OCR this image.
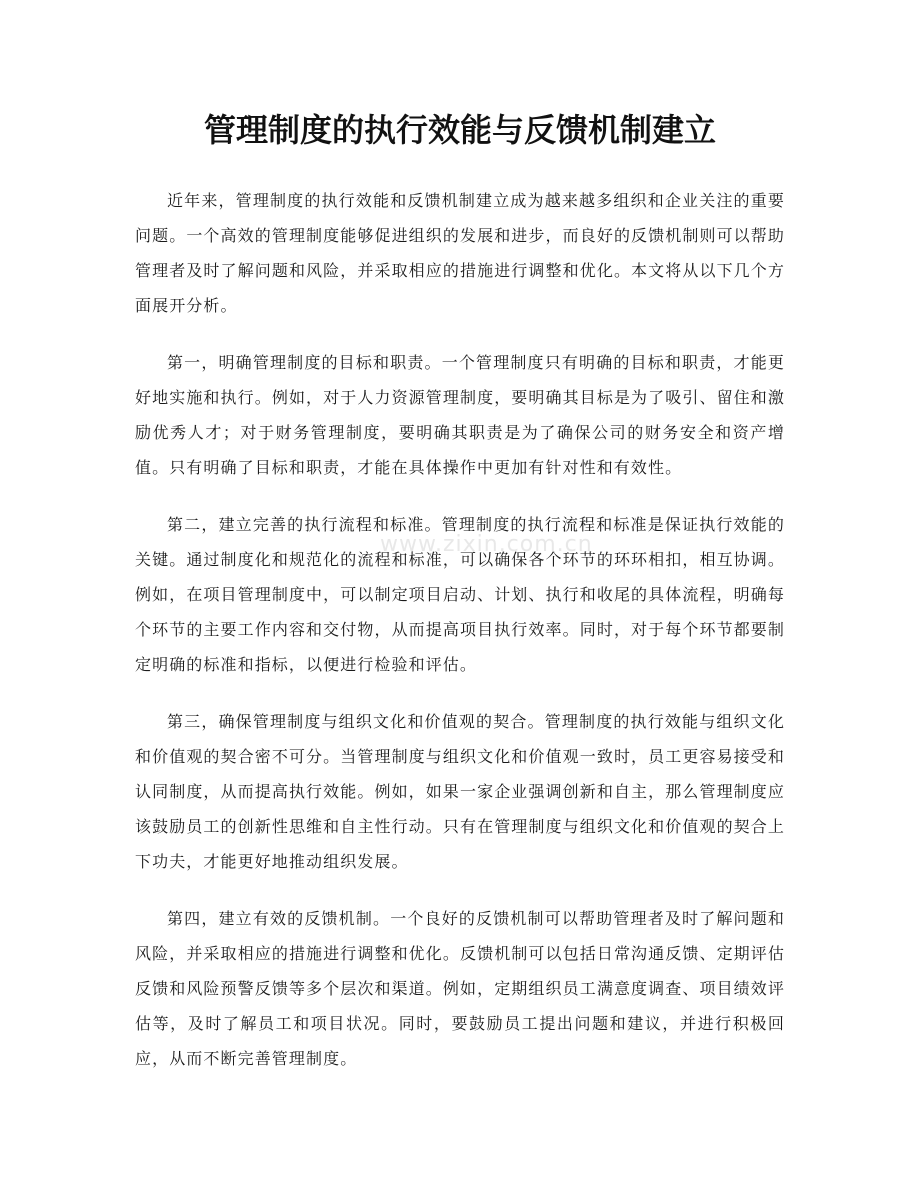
管理制度的执行效能与反馈机制建立

近年来，管理制度的执行效能和反馈机制建立成为越来越多组织和企业关注的重要问题。一个高效的管理制度能够促进组织的发展和进步，而良好的反馈机制则可以帮助管理者及时了解问题和风险，并采取相应的措施进行调整和优化。本文将从以下几个方面展开分析。

第一，明确管理制度的目标和职责。一个管理制度只有明确的目标和职责，才能更好地实施和执行。例如，对于人力资源管理制度，要明确其目标是为了吸引、留住和激励优秀人才；对于财务管理制度，要明确其职责是为了确保公司的财务安全和资产增值。只有明确了目标和职责，才能在具体操作中更加有针对性和有效性。

第二，建立完善的执行流程和标准。管理制度的执行流程和标准是保证执行效能的关键。通过制度化和规范化的流程和标准，可以确保各个环节的环环相扣，相互协调。例如，在项目管理制度中，可以制定项目启动、计划、执行和收尾的具体流程，明确每个环节的主要工作内容和交付物，从而提高项目执行效率。同时，对于每个环节都要制定明确的标准和指标，以便进行检验和评估。

第三，确保管理制度与组织文化和价值观的契合。管理制度的执行效能与组织文化和价值观的契合密不可分。当管理制度与组织文化和价值观一致时，员工更容易接受和认同制度，从而提高执行效能。例如，如果一家企业强调创新和自主，那么管理制度应该鼓励员工的创新性思维和自主性行动。只有在管理制度与组织文化和价值观的契合上下功夫，才能更好地推动组织发展。

第四，建立有效的反馈机制。一个良好的反馈机制可以帮助管理者及时了解问题和风险，并采取相应的措施进行调整和优化。反馈机制可以包括日常沟通反馈、定期评估反馈和风险预警反馈等多个层次和渠道。例如，定期组织员工满意度调查、项目绩效评估等，及时了解员工和项目状况。同时，要鼓励员工提出问题和建议，并进行积极回应，从而不断完善管理制度。

www.zixin.com.cn
